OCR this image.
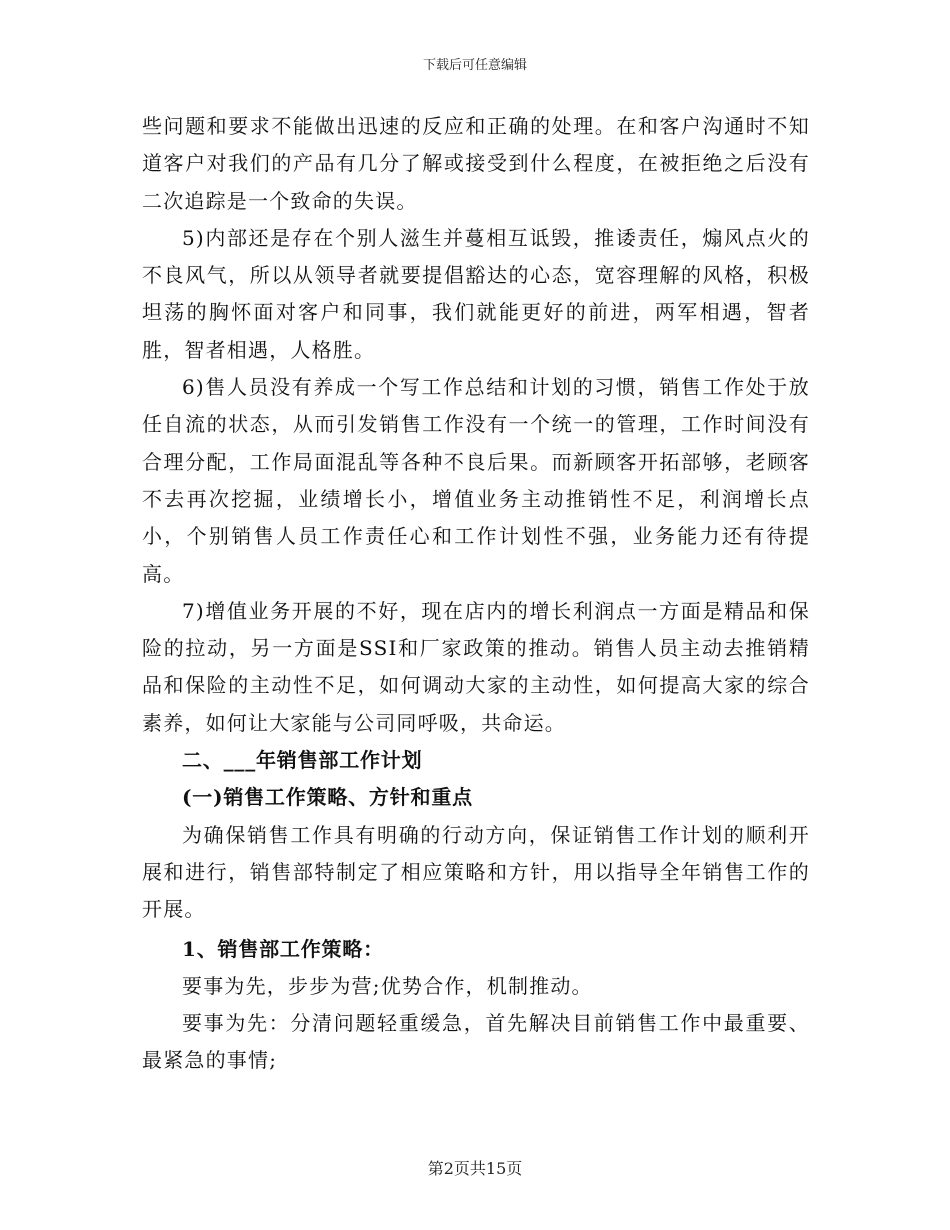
下载后可任意编辑

些问题和要求不能做出迅速的反应和正确的处理。在和客户沟通时不知道客户对我们的产品有几分了解或接受到什么程度，在被拒绝之后没有二次追踪是一个致命的失误。

5)内部还是存在个别人滋生并蔓相互诋毁，推诿责任，煽风点火的不良风气，所以从领导者就要提倡豁达的心态，宽容理解的风格，积极坦荡的胸怀面对客户和同事，我们就能更好的前进，两军相遇，智者胜，智者相遇，人格胜。

6)售人员没有养成一个写工作总结和计划的习惯，销售工作处于放任自流的状态，从而引发销售工作没有一个统一的管理，工作时间没有合理分配，工作局面混乱等各种不良后果。而新顾客开拓部够，老顾客不去再次挖掘，业绩增长小，增值业务主动推销性不足，利润增长点小，个别销售人员工作责任心和工作计划性不强，业务能力还有待提高。

7)增值业务开展的不好，现在店内的增长利润点一方面是精品和保险的拉动，另一方面是SSI和厂家政策的推动。销售人员主动去推销精品和保险的主动性不足，如何调动大家的主动性，如何提高大家的综合素养，如何让大家能与公司同呼吸，共命运。

二、___年销售部工作计划

(一)销售工作策略、方针和重点

为确保销售工作具有明确的行动方向，保证销售工作计划的顺利开展和进行，销售部特制定了相应策略和方针，用以指导全年销售工作的开展。

1、销售部工作策略：

要事为先，步步为营;优势合作，机制推动。

要事为先：分清问题轻重缓急，首先解决目前销售工作中最重要、最紧急的事情;

第2页共15页
